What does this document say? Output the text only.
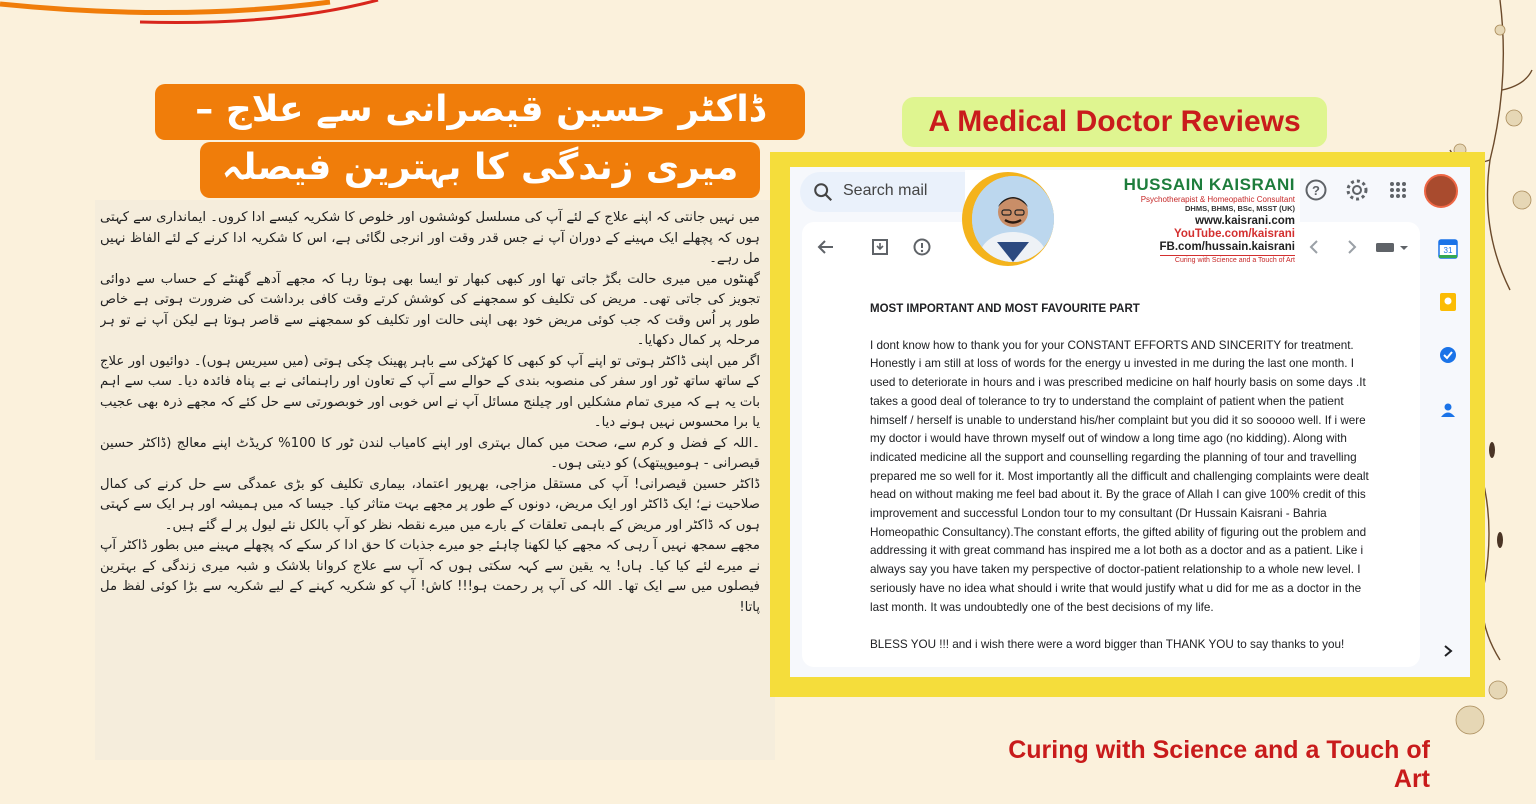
ڈاکٹر حسین قیصرانی سے علاج –
میری زندگی کا بہترین فیصلہ

میں نہیں جانتی کہ اپنے علاج کے لئے آپ کی مسلسل کوششوں اور خلوص کا شکریہ کیسے ادا کروں۔ ایمانداری سے کہتی ہوں کہ پچھلے ایک مہینے کے دوران آپ نے جس قدر وقت اور انرجی لگائی ہے، اس کا شکریہ ادا کرنے کے لئے الفاظ نہیں مل رہے۔

گھنٹوں میں میری حالت بگڑ جاتی تھا اور کبھی کبھار تو ایسا بھی ہوتا رہا کہ مجھے آدھے گھنٹے کے حساب سے دوائی تجویز کی جاتی تھی۔ مریض کی تکلیف کو سمجھنے کی کوشش کرتے وقت کافی برداشت کی ضرورت ہوتی ہے خاص طور پر اُس وقت کہ جب کوئی مریض خود بھی اپنی حالت اور تکلیف کو سمجھنے سے قاصر ہوتا ہے لیکن آپ نے تو ہر مرحلہ پر کمال دکھایا۔

اگر میں اپنی ڈاکٹر ہوتی تو اپنے آپ کو کبھی کا کھڑکی سے باہر پھینک چکی ہوتی (میں سیریس ہوں)۔ دوائیوں اور علاج کے ساتھ ساتھ ٹور اور سفر کی منصوبہ بندی کے حوالے سے آپ کے تعاون اور راہنمائی نے بے پناہ فائدہ دیا۔ سب سے اہم بات یہ ہے کہ میری تمام مشکلیں اور چیلنج مسائل آپ نے اس خوبی اور خوبصورتی سے حل کئے کہ مجھے ذرہ بھی عجیب یا برا محسوس نہیں ہونے دیا۔

۔اللہ کے فضل و کرم سے، صحت میں کمال بہتری اور اپنے کامیاب لندن ٹور کا 100% کریڈٹ اپنے معالج (ڈاکٹر حسین قیصرانی - ہومیوپیتھک) کو دیتی ہوں۔

ڈاکٹر حسین قیصرانی! آپ کی مستقل مزاجی، بھرپور اعتماد، بیماری تکلیف کو بڑی عمدگی سے حل کرنے کی کمال صلاحیت نے؛ ایک ڈاکٹر اور ایک مریض، دونوں کے طور پر مجھے بہت متاثر کیا۔ جیسا کہ میں ہمیشہ اور ہر ایک سے کہتی ہوں کہ ڈاکٹر اور مریض کے باہمی تعلقات کے بارے میں میرے نقطہ نظر کو آپ بالکل نئے لیول پر لے گئے ہیں۔

مجھے سمجھ نہیں آ رہی کہ مجھے کیا لکھنا چاہئے جو میرے جذبات کا حق ادا کر سکے کہ پچھلے مہینے میں بطور ڈاکٹر آپ نے میرے لئے کیا کیا۔ ہاں! یہ یقین سے کہہ سکتی ہوں کہ آپ سے علاج کروانا بلاشک و شبہ میری زندگی کے بہترین فیصلوں میں سے ایک تھا۔ اللہ کی آپ پر رحمت ہو!!! کاش! آپ کو شکریہ کہنے کے لیے شکریہ سے بڑا کوئی لفظ مل پاتا!

A Medical Doctor Reviews
Search mail	?
HUSSAIN KAISRANI
Psychotherapist & Homeopathic Consultant
DHMS, BHMS, BSc, MSST (UK)
www.kaisrani.com
YouTube.com/kaisrani
FB.com/hussain.kaisrani
Curing with Science and a Touch of Art

MOST IMPORTANT AND MOST FAVOURITE PART

I dont know how to thank you for your CONSTANT EFFORTS AND SINCERITY for treatment. Honestly i am still at loss of words for the energy u invested in me during the last one month. I used to deteriorate in hours and i was prescribed medicine on half hourly basis on some days .It takes a good deal of tolerance to try to understand the complaint of patient when the patient himself / herself is unable to understand his/her complaint but you did it so sooooo well. If i were my doctor i would have thrown myself out of window a long time ago (no kidding). Along with indicated medicine all the support and counselling regarding the planning of tour and travelling prepared me so well for it. Most importantly all the difficult and challenging complaints were dealt head on without making me feel bad about it. By the grace of Allah I can give 100% credit of this improvement and successful London tour to my consultant (Dr Hussain Kaisrani - Bahria Homeopathic Consultancy).The constant efforts, the gifted ability of figuring out the problem and addressing it with great command has inspired me a lot both as a doctor and as a patient. Like i always say you have taken my perspective of doctor-patient relationship to a whole new level. I seriously have no idea what should i write that would justify what u did for me as a doctor in the last month. It was undoubtedly one of the best decisions of my life.

BLESS YOU !!! and i wish there were a word bigger than THANK YOU to say thanks to you!

31
Curing with Science and a Touch of Art
